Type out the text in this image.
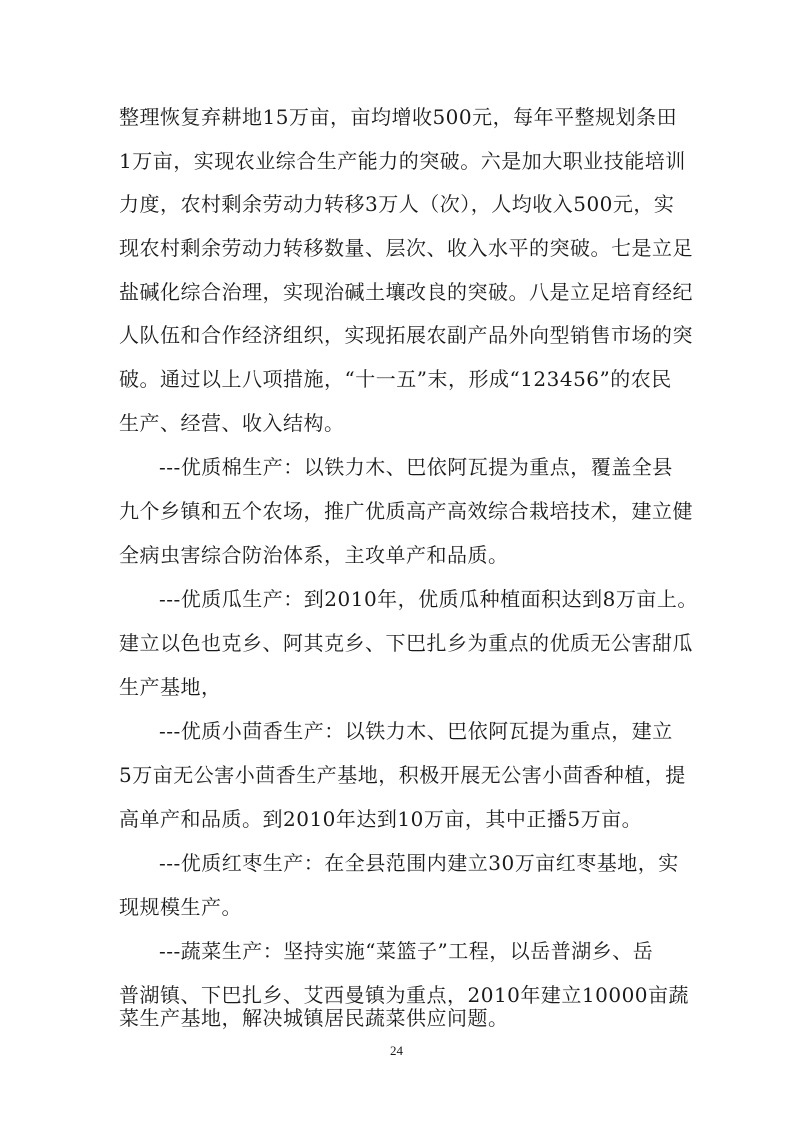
整理恢复弃耕地15万亩，亩均增收500元，每年平整规划条田
1万亩，实现农业综合生产能力的突破。六是加大职业技能培训
力度，农村剩余劳动力转移3万人（次），人均收入500元，实
现农村剩余劳动力转移数量、层次、收入水平的突破。七是立足
盐碱化综合治理，实现治碱土壤改良的突破。八是立足培育经纪
人队伍和合作经济组织，实现拓展农副产品外向型销售市场的突
破。通过以上八项措施，“十一五”末，形成“123456”的农民
生产、经营、收入结构。
---优质棉生产：以铁力木、巴依阿瓦提为重点，覆盖全县
九个乡镇和五个农场，推广优质高产高效综合栽培技术，建立健
全病虫害综合防治体系，主攻单产和品质。
---优质瓜生产：到2010年，优质瓜种植面积达到8万亩上。
建立以色也克乡、阿其克乡、下巴扎乡为重点的优质无公害甜瓜
生产基地，
---优质小茴香生产：以铁力木、巴依阿瓦提为重点，建立
5万亩无公害小茴香生产基地，积极开展无公害小茴香种植，提
高单产和品质。到2010年达到10万亩，其中正播5万亩。
---优质红枣生产：在全县范围内建立30万亩红枣基地，实
现规模生产。
---蔬菜生产：坚持实施“菜篮子”工程，以岳普湖乡、岳
普湖镇、下巴扎乡、艾西曼镇为重点，2010年建立10000亩蔬
菜生产基地，解决城镇居民蔬菜供应问题。
24
